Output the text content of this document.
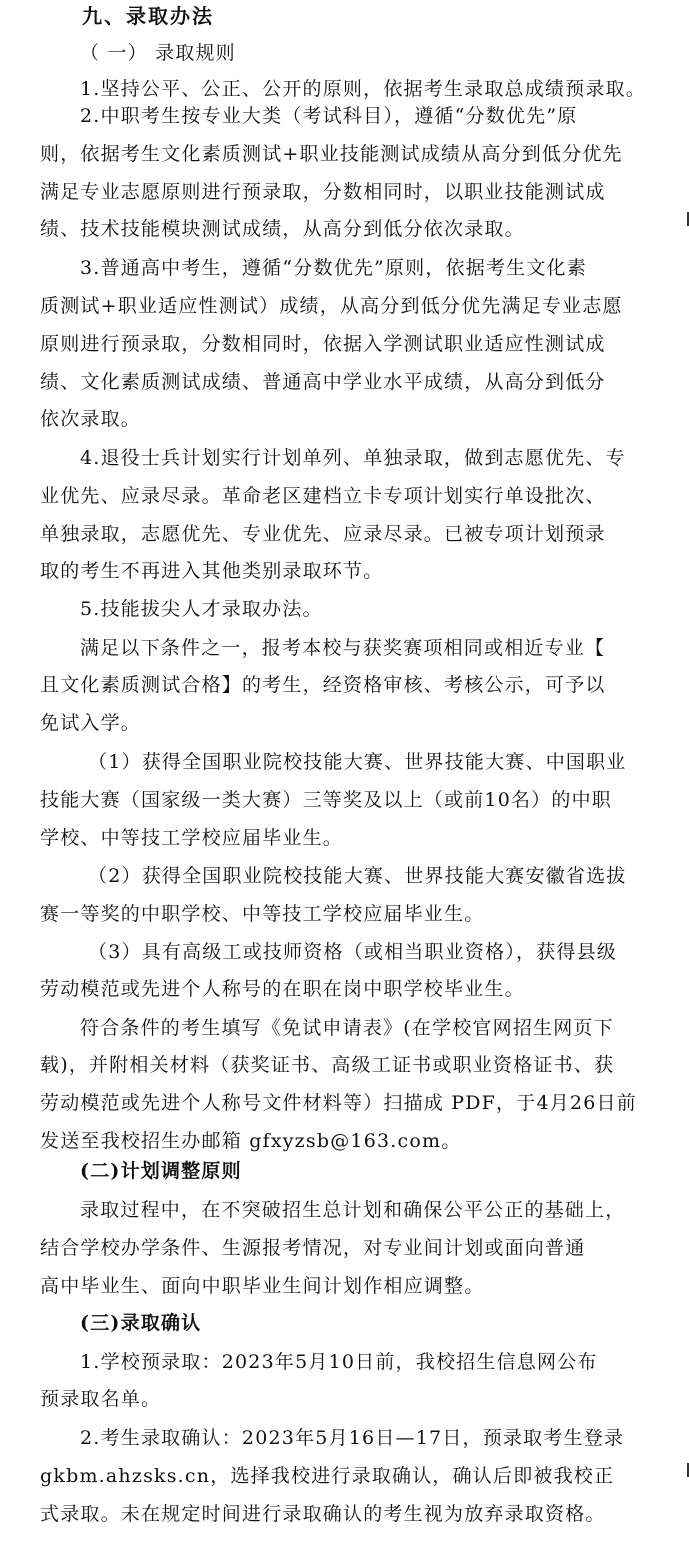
九、录取办法
（ 一） 录取规则
1.坚持公平、公正、公开的原则，依据考生录取总成绩预录取。
2.中职考生按专业大类（考试科目），遵循“分数优先”原
则，依据考生文化素质测试+职业技能测试成绩从高分到低分优先
满足专业志愿原则进行预录取，分数相同时，以职业技能测试成
绩、技术技能模块测试成绩，从高分到低分依次录取。
3.普通高中考生，遵循“分数优先”原则，依据考生文化素
质测试+职业适应性测试）成绩，从高分到低分优先满足专业志愿
原则进行预录取，分数相同时，依据入学测试职业适应性测试成
绩、文化素质测试成绩、普通高中学业水平成绩，从高分到低分
依次录取。
4.退役士兵计划实行计划单列、单独录取，做到志愿优先、专
业优先、应录尽录。革命老区建档立卡专项计划实行单设批次、
单独录取，志愿优先、专业优先、应录尽录。已被专项计划预录
取的考生不再进入其他类别录取环节。
5.技能拔尖人才录取办法。
满足以下条件之一，报考本校与获奖赛项相同或相近专业【
且文化素质测试合格】的考生，经资格审核、考核公示，可予以
免试入学。
（1）获得全国职业院校技能大赛、世界技能大赛、中国职业
技能大赛（国家级一类大赛）三等奖及以上（或前10名）的中职
学校、中等技工学校应届毕业生。
（2）获得全国职业院校技能大赛、世界技能大赛安徽省选拔
赛一等奖的中职学校、中等技工学校应届毕业生。
（3）具有高级工或技师资格（或相当职业资格），获得县级
劳动模范或先进个人称号的在职在岗中职学校毕业生。
符合条件的考生填写《免试申请表》(在学校官网招生网页下
载)，并附相关材料（获奖证书、高级工证书或职业资格证书、获
劳动模范或先进个人称号文件材料等）扫描成 PDF，于4月26日前
发送至我校招生办邮箱 gfxyzsb@163.com。
(二)计划调整原则
录取过程中，在不突破招生总计划和确保公平公正的基础上，
结合学校办学条件、生源报考情况，对专业间计划或面向普通
高中毕业生、面向中职毕业生间计划作相应调整。
(三)录取确认
1.学校预录取：2023年5月10日前，我校招生信息网公布
预录取名单。
2.考生录取确认：2023年5月16日—17日，预录取考生登录
gkbm.ahzsks.cn，选择我校进行录取确认，确认后即被我校正
式录取。未在规定时间进行录取确认的考生视为放弃录取资格。
